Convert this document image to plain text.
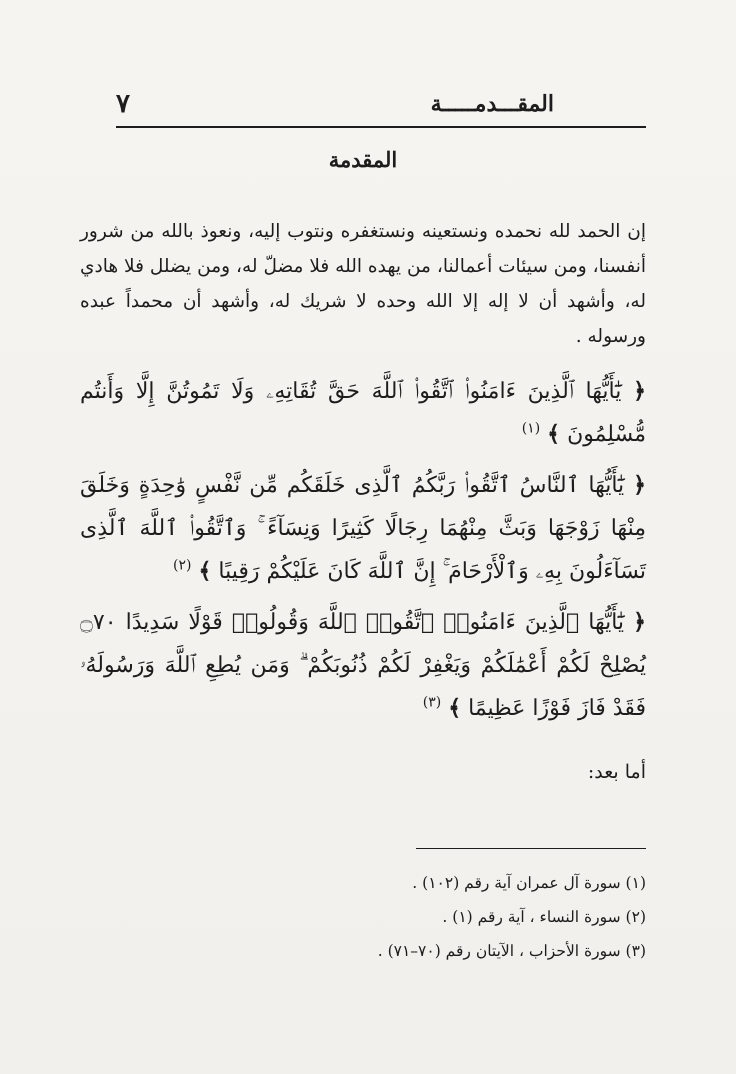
٧	المقـــدمـــــة
المقدمة

إن الحمد لله نحمده ونستعينه ونستغفره ونتوب إليه، ونعوذ بالله من شرور أنفسنا، ومن سيئات أعمالنا، من يهده الله فلا مضلّ له، ومن يضلل فلا هادي له، وأشهد أن لا إله إلا الله وحده لا شريك له، وأشهد أن محمداً عبده ورسوله .

﴿ يَٰٓأَيُّهَا ٱلَّذِينَ ءَامَنُوا۟ ٱتَّقُوا۟ ٱللَّهَ حَقَّ تُقَاتِهِۦ وَلَا تَمُوتُنَّ إِلَّا وَأَنتُم مُّسْلِمُونَ ﴾ $^{(١)}$

﴿ يَٰٓأَيُّهَا ٱلنَّاسُ ٱتَّقُوا۟ رَبَّكُمُ ٱلَّذِى خَلَقَكُم مِّن نَّفْسٍ وَٰحِدَةٍ وَخَلَقَ مِنْهَا زَوْجَهَا وَبَثَّ مِنْهُمَا رِجَالًا كَثِيرًا وَنِسَآءً ۚ وَٱتَّقُوا۟ ٱللَّهَ ٱلَّذِى تَسَآءَلُونَ بِهِۦ وَٱلْأَرْحَامَ ۚ إِنَّ ٱللَّهَ كَانَ عَلَيْكُمْ رَقِيبًا ﴾ $^{(٢)}$

﴿ يَٰٓأَيُّهَا ٱلَّذِينَ ءَامَنُوا۟ ٱتَّقُوا۟ ٱللَّهَ وَقُولُوا۟ قَوْلًا سَدِيدًا ۝٧٠ يُصْلِحْ لَكُمْ أَعْمَٰلَكُمْ وَيَغْفِرْ لَكُمْ ذُنُوبَكُمْ ۗ وَمَن يُطِعِ ٱللَّهَ وَرَسُولَهُۥ فَقَدْ فَازَ فَوْزًا عَظِيمًا ﴾ $^{(٣)}$

أما بعد:

(١) سورة آل عمران آية رقم (١٠٢) .

(٢) سورة النساء ، آية رقم (١) .

(٣) سورة الأحزاب ، الآيتان رقم (٧٠–٧١) .
